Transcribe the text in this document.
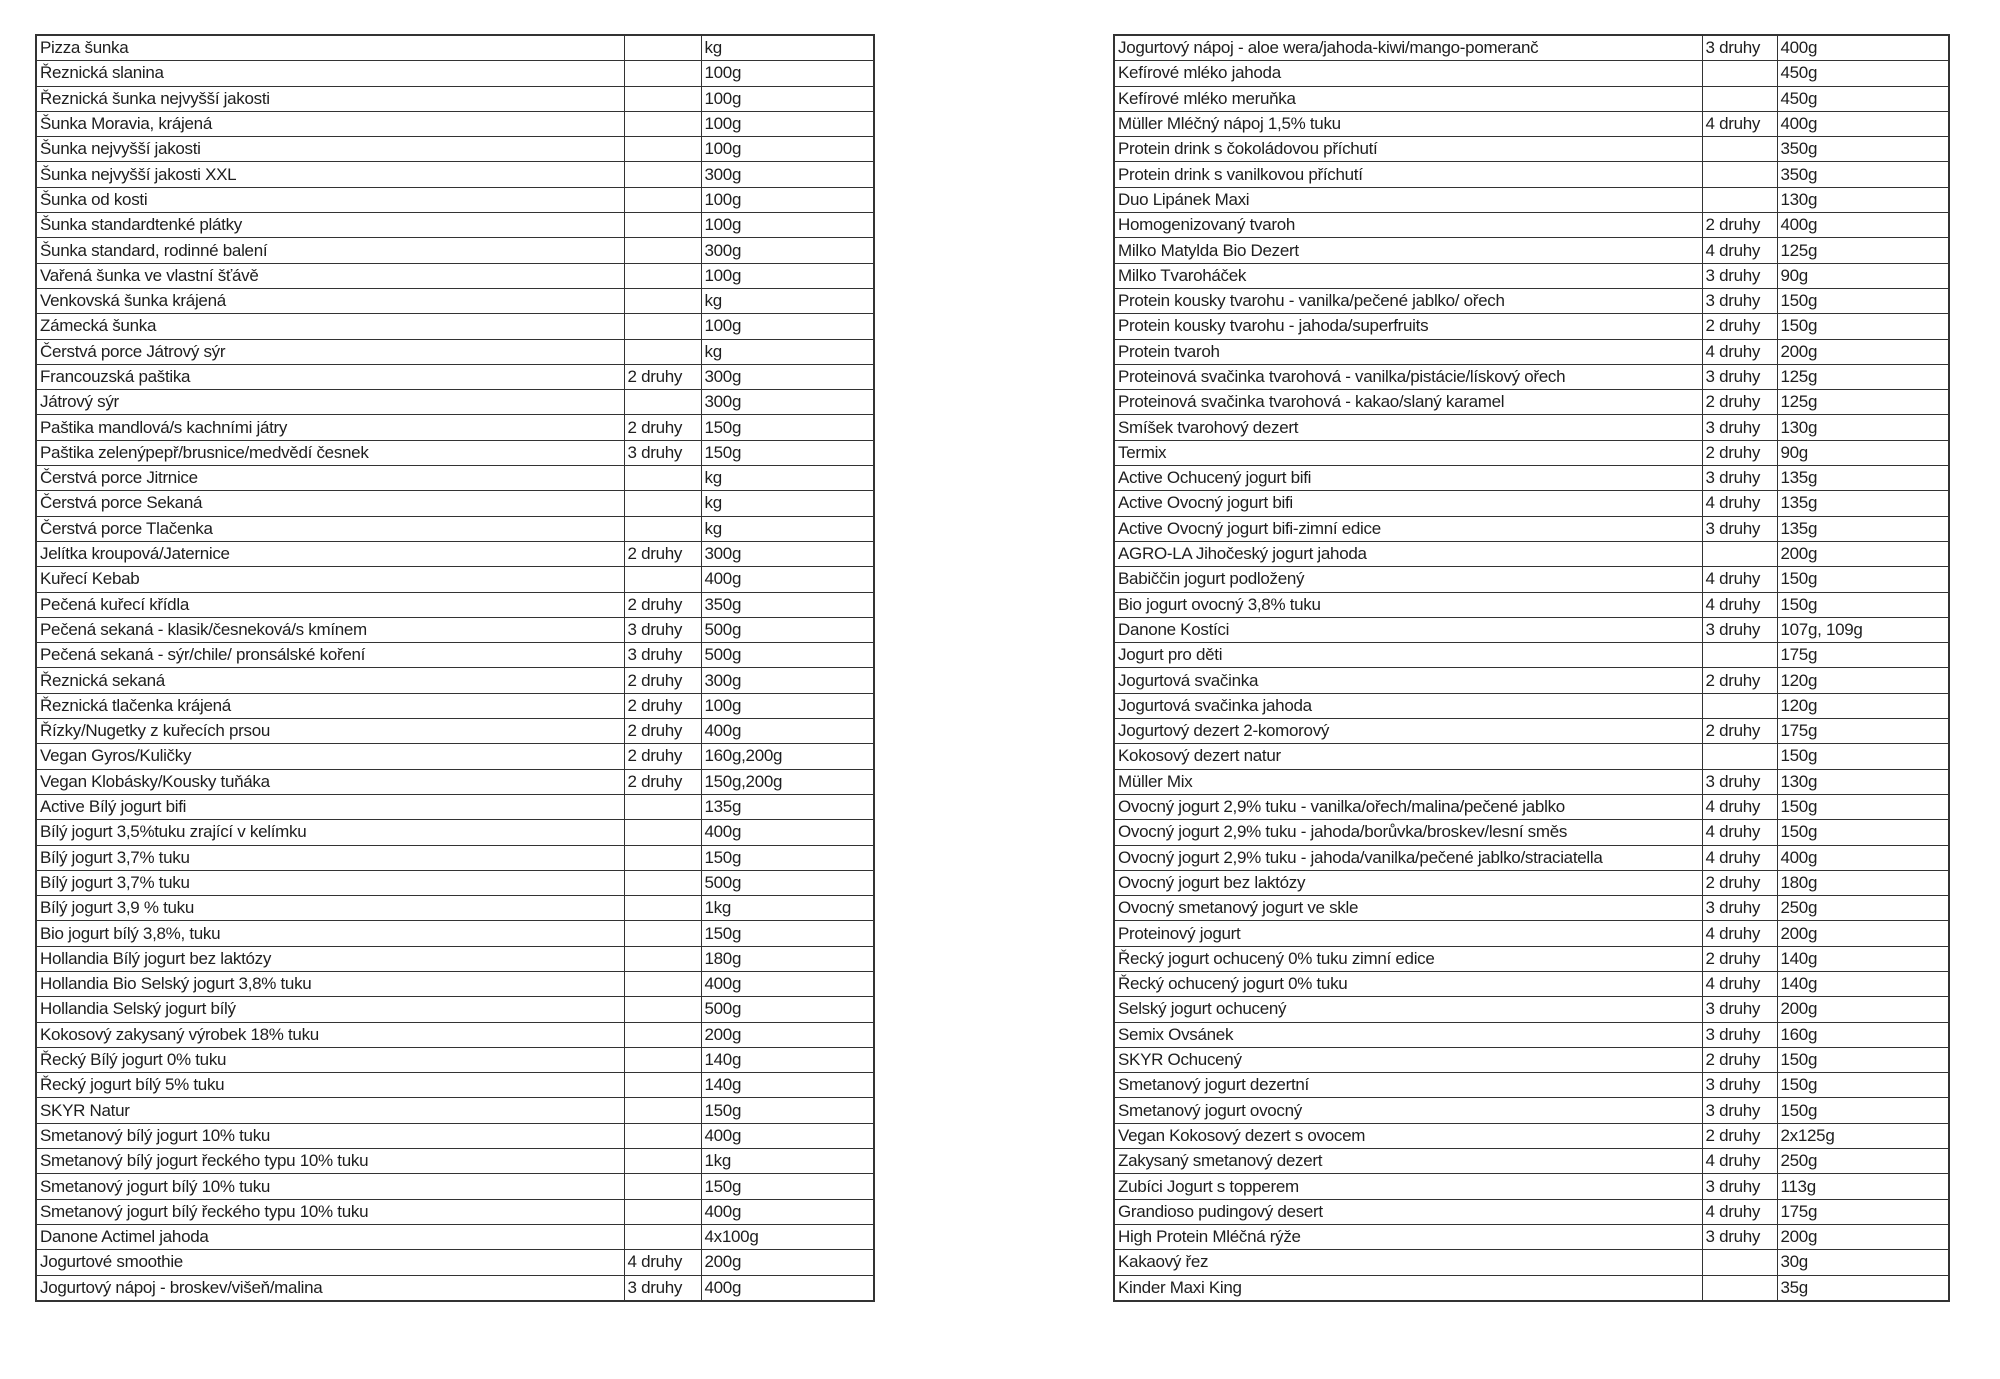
Pizza šunka		kg
Řeznická slanina		100g
Řeznická šunka nejvyšší jakosti		100g
Šunka Moravia, krájená		100g
Šunka nejvyšší jakosti		100g
Šunka nejvyšší jakosti XXL		300g
Šunka od kosti		100g
Šunka standardtenké plátky		100g
Šunka standard, rodinné balení		300g
Vařená šunka ve vlastní šťávě		100g
Venkovská šunka krájená		kg
Zámecká šunka		100g
Čerstvá porce Játrový sýr		kg
Francouzská paštika	2 druhy	300g
Játrový sýr		300g
Paštika mandlová/s kachními játry	2 druhy	150g
Paštika zelenýpepř/brusnice/medvědí česnek	3 druhy	150g
Čerstvá porce Jitrnice		kg
Čerstvá porce Sekaná		kg
Čerstvá porce Tlačenka		kg
Jelítka kroupová/Jaternice	2 druhy	300g
Kuřecí Kebab		400g
Pečená kuřecí křídla	2 druhy	350g
Pečená sekaná - klasik/česneková/s kmínem	3 druhy	500g
Pečená sekaná - sýr/chile/ pronsálské koření	3 druhy	500g
Řeznická sekaná	2 druhy	300g
Řeznická tlačenka krájená	2 druhy	100g
Řízky/Nugetky z kuřecích prsou	2 druhy	400g
Vegan Gyros/Kuličky	2 druhy	160g,200g
Vegan Klobásky/Kousky tuňáka	2 druhy	150g,200g
Active Bílý jogurt bifi		135g
Bílý jogurt 3,5%tuku zrající v kelímku		400g
Bílý jogurt 3,7% tuku		150g
Bílý jogurt 3,7% tuku		500g
Bílý jogurt 3,9 % tuku		1kg
Bio jogurt bílý 3,8%, tuku		150g
Hollandia Bílý jogurt bez laktózy		180g
Hollandia Bio Selský jogurt 3,8% tuku		400g
Hollandia Selský jogurt bílý		500g
Kokosový zakysaný výrobek 18% tuku		200g
Řecký Bílý jogurt 0% tuku		140g
Řecký jogurt bílý 5% tuku		140g
SKYR Natur		150g
Smetanový bílý jogurt 10% tuku		400g
Smetanový bílý jogurt řeckého typu 10% tuku		1kg
Smetanový jogurt bílý 10% tuku		150g
Smetanový jogurt bílý řeckého typu 10% tuku		400g
Danone Actimel jahoda		4x100g
Jogurtové smoothie	4 druhy	200g
Jogurtový nápoj - broskev/višeň/malina	3 druhy	400g
Jogurtový nápoj - aloe wera/jahoda-kiwi/mango-pomeranč	3 druhy	400g
Kefírové mléko jahoda		450g
Kefírové mléko meruňka		450g
Müller Mléčný nápoj 1,5% tuku	4 druhy	400g
Protein drink s čokoládovou příchutí		350g
Protein drink s vanilkovou příchutí		350g
Duo Lipánek Maxi		130g
Homogenizovaný tvaroh	2 druhy	400g
Milko Matylda Bio Dezert	4 druhy	125g
Milko Tvaroháček	3 druhy	90g
Protein kousky tvarohu - vanilka/pečené jablko/ ořech	3 druhy	150g
Protein kousky tvarohu - jahoda/superfruits	2 druhy	150g
Protein tvaroh	4 druhy	200g
Proteinová svačinka tvarohová - vanilka/pistácie/lískový ořech	3 druhy	125g
Proteinová svačinka tvarohová - kakao/slaný karamel	2 druhy	125g
Smíšek tvarohový dezert	3 druhy	130g
Termix	2 druhy	90g
Active Ochucený jogurt bifi	3 druhy	135g
Active Ovocný jogurt bifi	4 druhy	135g
Active Ovocný jogurt bifi-zimní edice	3 druhy	135g
AGRO-LA Jihočeský jogurt jahoda		200g
Babiččin jogurt podložený	4 druhy	150g
Bio jogurt ovocný 3,8% tuku	4 druhy	150g
Danone Kostíci	3 druhy	107g, 109g
Jogurt pro děti		175g
Jogurtová svačinka	2 druhy	120g
Jogurtová svačinka jahoda		120g
Jogurtový dezert 2-komorový	2 druhy	175g
Kokosový dezert natur		150g
Müller Mix	3 druhy	130g
Ovocný jogurt 2,9% tuku - vanilka/ořech/malina/pečené jablko	4 druhy	150g
Ovocný jogurt 2,9% tuku - jahoda/borůvka/broskev/lesní směs	4 druhy	150g
Ovocný jogurt 2,9% tuku - jahoda/vanilka/pečené jablko/straciatella	4 druhy	400g
Ovocný jogurt bez laktózy	2 druhy	180g
Ovocný smetanový jogurt ve skle	3 druhy	250g
Proteinový jogurt	4 druhy	200g
Řecký jogurt ochucený 0% tuku zimní edice	2 druhy	140g
Řecký ochucený jogurt 0% tuku	4 druhy	140g
Selský jogurt ochucený	3 druhy	200g
Semix Ovsánek	3 druhy	160g
SKYR Ochucený	2 druhy	150g
Smetanový jogurt dezertní	3 druhy	150g
Smetanový jogurt ovocný	3 druhy	150g
Vegan Kokosový dezert s ovocem	2 druhy	2x125g
Zakysaný smetanový dezert	4 druhy	250g
Zubíci Jogurt s topperem	3 druhy	113g
Grandioso pudingový desert	4 druhy	175g
High Protein Mléčná rýže	3 druhy	200g
Kakaový řez		30g
Kinder Maxi King		35g
